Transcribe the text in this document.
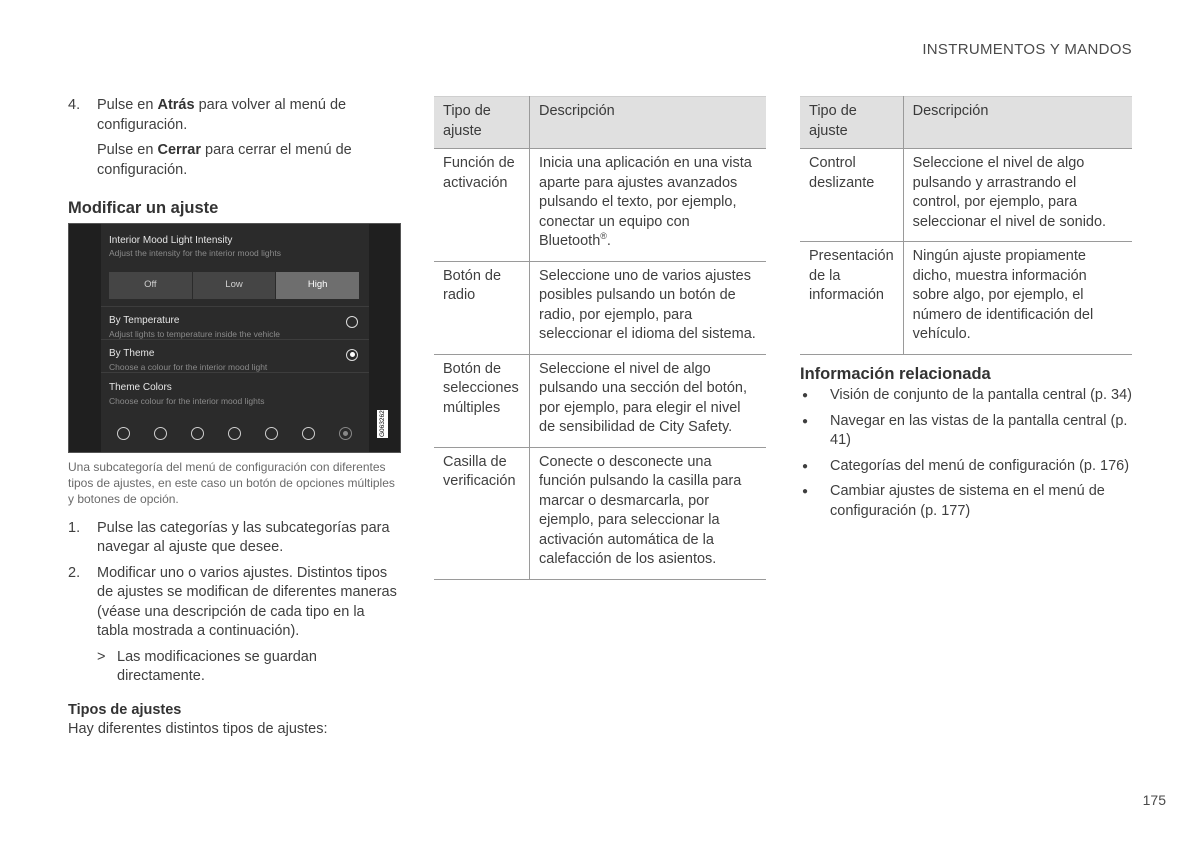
INSTRUMENTOS Y MANDOS
4.	Pulse en Atrás para volver al menú de configuración.
Pulse en Cerrar para cerrar el menú de configuración.
Modificar un ajuste
Interior Mood Light Intensity
Adjust the intensity for the interior mood lights
Off	Low	High
By Temperature
Adjust lights to temperature inside the vehicle
By Theme
Choose a colour for the interior mood light
Theme Colors
Choose colour for the interior mood lights
G063262
Una subcategoría del menú de configuración con diferentes tipos de ajustes, en este caso un botón de opciones múltiples y botones de opción.
1.	Pulse las categorías y las subcategorías para navegar al ajuste que desee.
2.	Modificar uno o varios ajustes. Distintos tipos de ajustes se modifican de diferentes maneras (véase una descripción de cada tipo en la tabla mostrada a continuación).
> Las modificaciones se guardan directamente.
Tipos de ajustes
Hay diferentes distintos tipos de ajustes:
Tipo de ajuste	Descripción
Función de activación	Inicia una aplicación en una vista aparte para ajustes avanzados pulsando el texto, por ejemplo, conectar un equipo con Bluetooth®.
Botón de radio	Seleccione uno de varios ajustes posibles pulsando un botón de radio, por ejemplo, para seleccionar el idioma del sistema.
Botón de selecciones múltiples	Seleccione el nivel de algo pulsando una sección del botón, por ejemplo, para elegir el nivel de sensibilidad de City Safety.
Casilla de verificación	Conecte o desconecte una función pulsando la casilla para marcar o desmarcarla, por ejemplo, para seleccionar la activación automática de la calefacción de los asientos.
Tipo de ajuste	Descripción
Control deslizante	Seleccione el nivel de algo pulsando y arrastrando el control, por ejemplo, para seleccionar el nivel de sonido.
Presentación de la información	Ningún ajuste propiamente dicho, muestra información sobre algo, por ejemplo, el número de identificación del vehículo.
Información relacionada
●	Visión de conjunto de la pantalla central (p. 34)
●	Navegar en las vistas de la pantalla central (p. 41)
●	Categorías del menú de configuración (p. 176)
●	Cambiar ajustes de sistema en el menú de configuración (p. 177)
175
